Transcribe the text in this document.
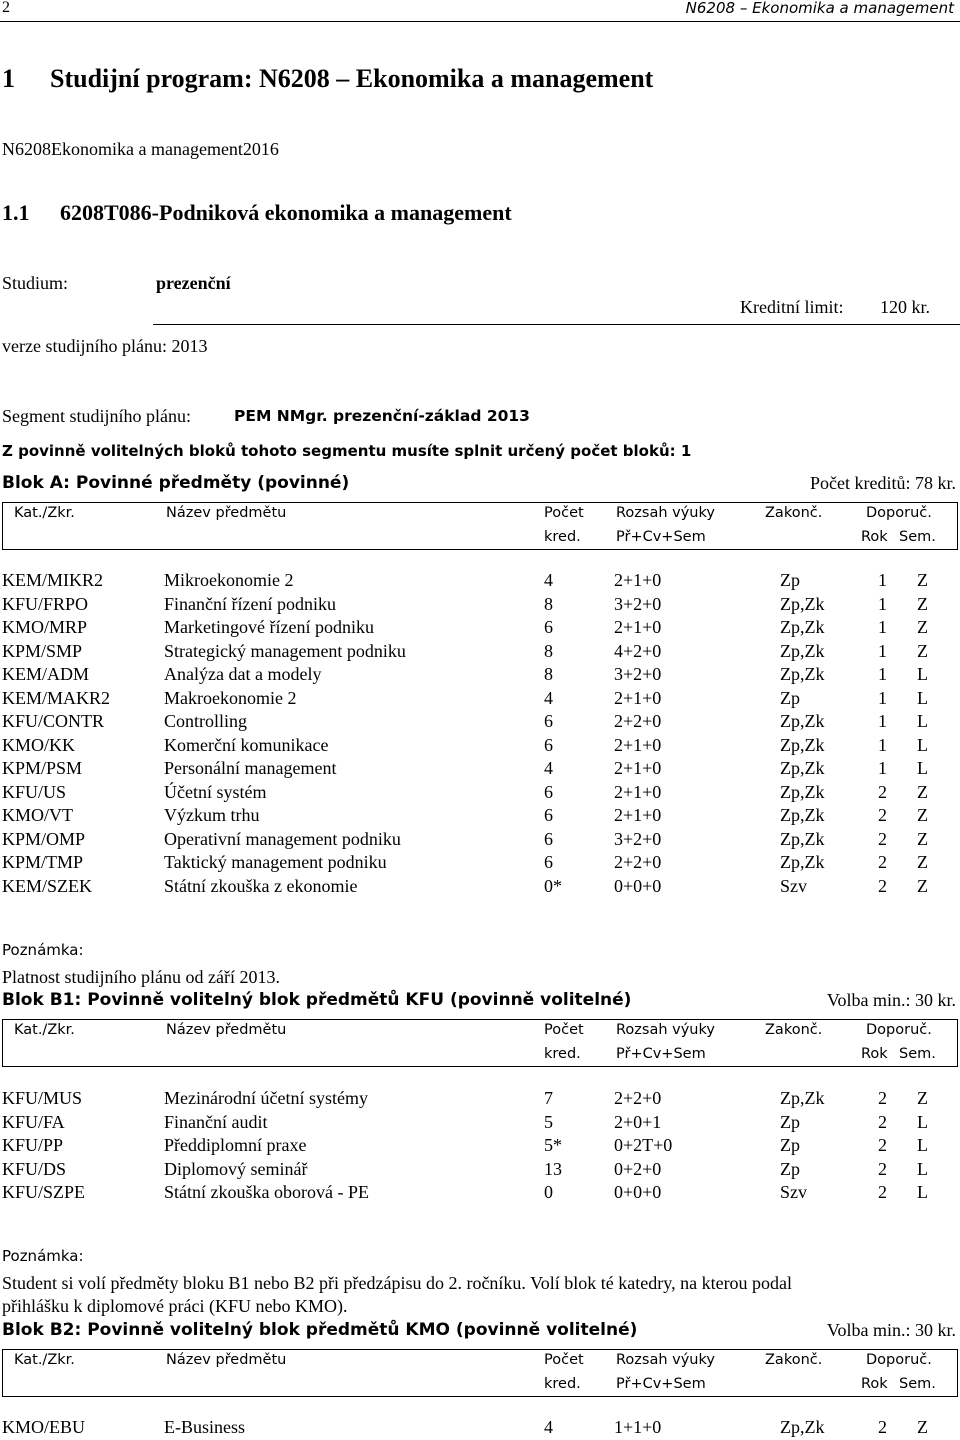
2	N6208 – Ekonomika a management
1 Studijní program: N6208 – Ekonomika a management
N6208Ekonomika a management2016
1.1 6208T086-Podniková ekonomika a management
Studium:	prezenční
Kreditní limit: 120 kr.
verze studijního plánu: 2013
Segment studijního plánu:	PEM NMgr. prezenční-základ 2013
Z povinně volitelných bloků tohoto segmentu musíte splnit určený počet bloků: 1
Blok A: Povinné předměty (povinné)	Počet kreditů: 78 kr.
Kat./Zkr.	Název předmětu	Počet
kred.
Rozsah výuky
Př+Cv+Sem
Zakonč.	Doporuč.
Rok Sem.
KEM/MIKR2	Mikroekonomie 2	4	2+1+0	Zp	1 Z
KFU/FRPO	Finanční řízení podniku	8	3+2+0	Zp,Zk	1 Z
KMO/MRP	Marketingové řízení podniku	6	2+1+0	Zp,Zk	1 Z
KPM/SMP	Strategický management podniku	8	4+2+0	Zp,Zk	1 Z
KEM/ADM	Analýza dat a modely	8	3+2+0	Zp,Zk	1 L
KEM/MAKR2	Makroekonomie 2	4	2+1+0	Zp	1 L
KFU/CONTR	Controlling	6	2+2+0	Zp,Zk	1 L
KMO/KK	Komerční komunikace	6	2+1+0	Zp,Zk	1 L
KPM/PSM	Personální management	4	2+1+0	Zp,Zk	1 L
KFU/US	Účetní systém	6	2+1+0	Zp,Zk	2 Z
KMO/VT	Výzkum trhu	6	2+1+0	Zp,Zk	2 Z
KPM/OMP	Operativní management podniku	6	3+2+0	Zp,Zk	2 Z
KPM/TMP	Taktický management podniku	6	2+2+0	Zp,Zk	2 Z
KEM/SZEK	Státní zkouška z ekonomie	0*	0+0+0	Szv	2 Z
Poznámka:
Platnost studijního plánu od září 2013.
Blok B1: Povinně volitelný blok předmětů KFU (povinně volitelné)	Volba min.: 30 kr.
Kat./Zkr.	Název předmětu	Počet
kred.
Rozsah výuky
Př+Cv+Sem
Zakonč.	Doporuč.
Rok Sem.
KFU/MUS	Mezinárodní účetní systémy	7	2+2+0	Zp,Zk	2 Z
KFU/FA	Finanční audit	5	2+0+1	Zp	2 L
KFU/PP	Předdiplomní praxe	5*	0+2T+0	Zp	2 L
KFU/DS	Diplomový seminář	13	0+2+0	Zp	2 L
KFU/SZPE	Státní zkouška oborová - PE	0	0+0+0	Szv	2 L
Poznámka:
Student si volí předměty bloku B1 nebo B2 při předzápisu do 2. ročníku. Volí blok té katedry, na kterou podal
přihlášku k diplomové práci (KFU nebo KMO).
Blok B2: Povinně volitelný blok předmětů KMO (povinně volitelné)	Volba min.: 30 kr.
Kat./Zkr.	Název předmětu	Počet
kred.
Rozsah výuky
Př+Cv+Sem
Zakonč.	Doporuč.
Rok Sem.
KMO/EBU	E-Business	4	1+1+0	Zp,Zk	2 Z
